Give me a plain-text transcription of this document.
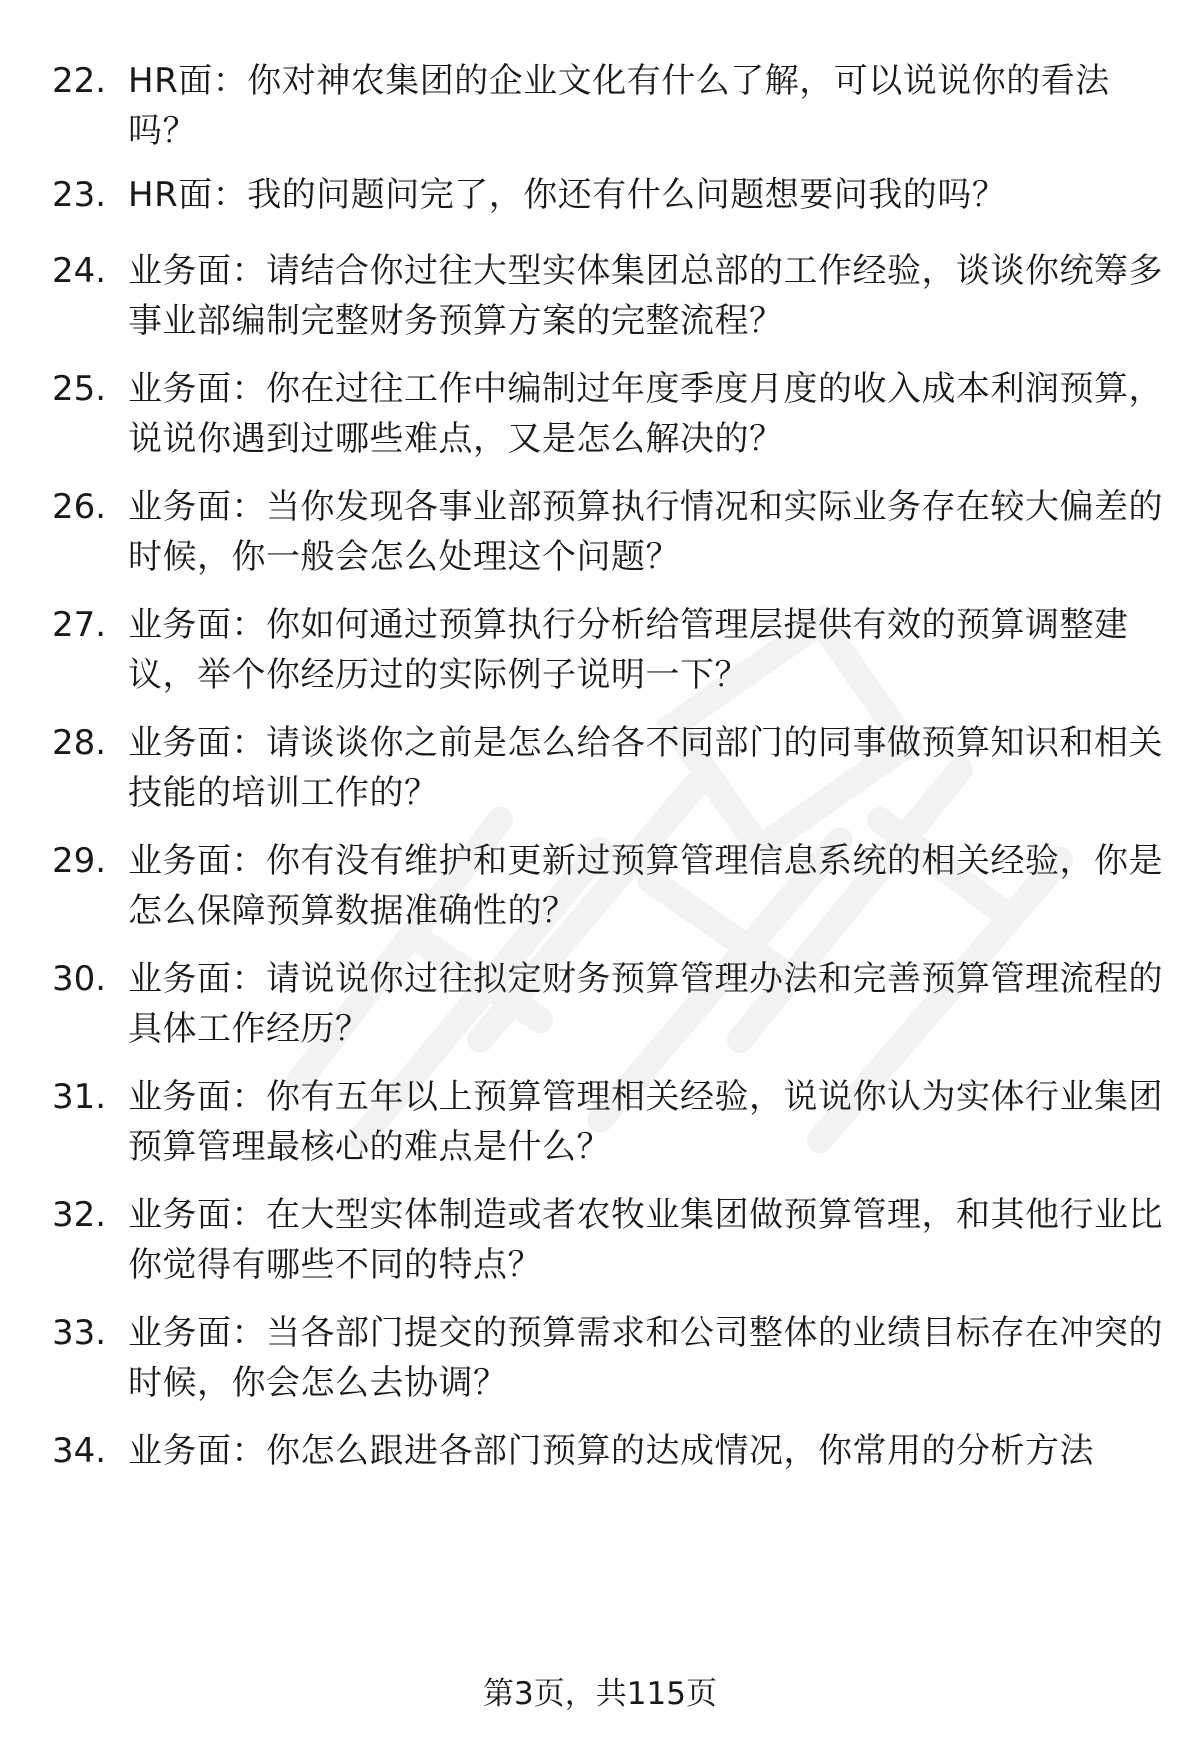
22. HR面：你对神农集团的企业文化有什么了解，可以说说你的看法吗？
23. HR面：我的问题问完了，你还有什么问题想要问我的吗？
24. 业务面：请结合你过往大型实体集团总部的工作经验，谈谈你统筹多事业部编制完整财务预算方案的完整流程？
25. 业务面：你在过往工作中编制过年度季度月度的收入成本利润预算，说说你遇到过哪些难点，又是怎么解决的？
26. 业务面：当你发现各事业部预算执行情况和实际业务存在较大偏差的时候，你一般会怎么处理这个问题？
27. 业务面：你如何通过预算执行分析给管理层提供有效的预算调整建议，举个你经历过的实际例子说明一下？
28. 业务面：请谈谈你之前是怎么给各不同部门的同事做预算知识和相关技能的培训工作的？
29. 业务面：你有没有维护和更新过预算管理信息系统的相关经验，你是怎么保障预算数据准确性的？
30. 业务面：请说说你过往拟定财务预算管理办法和完善预算管理流程的具体工作经历？
31. 业务面：你有五年以上预算管理相关经验，说说你认为实体行业集团预算管理最核心的难点是什么？
32. 业务面：在大型实体制造或者农牧业集团做预算管理，和其他行业比你觉得有哪些不同的特点？
33. 业务面：当各部门提交的预算需求和公司整体的业绩目标存在冲突的时候，你会怎么去协调？
34. 业务面：你怎么跟进各部门预算的达成情况，你常用的分析方法
第3页，共115页
